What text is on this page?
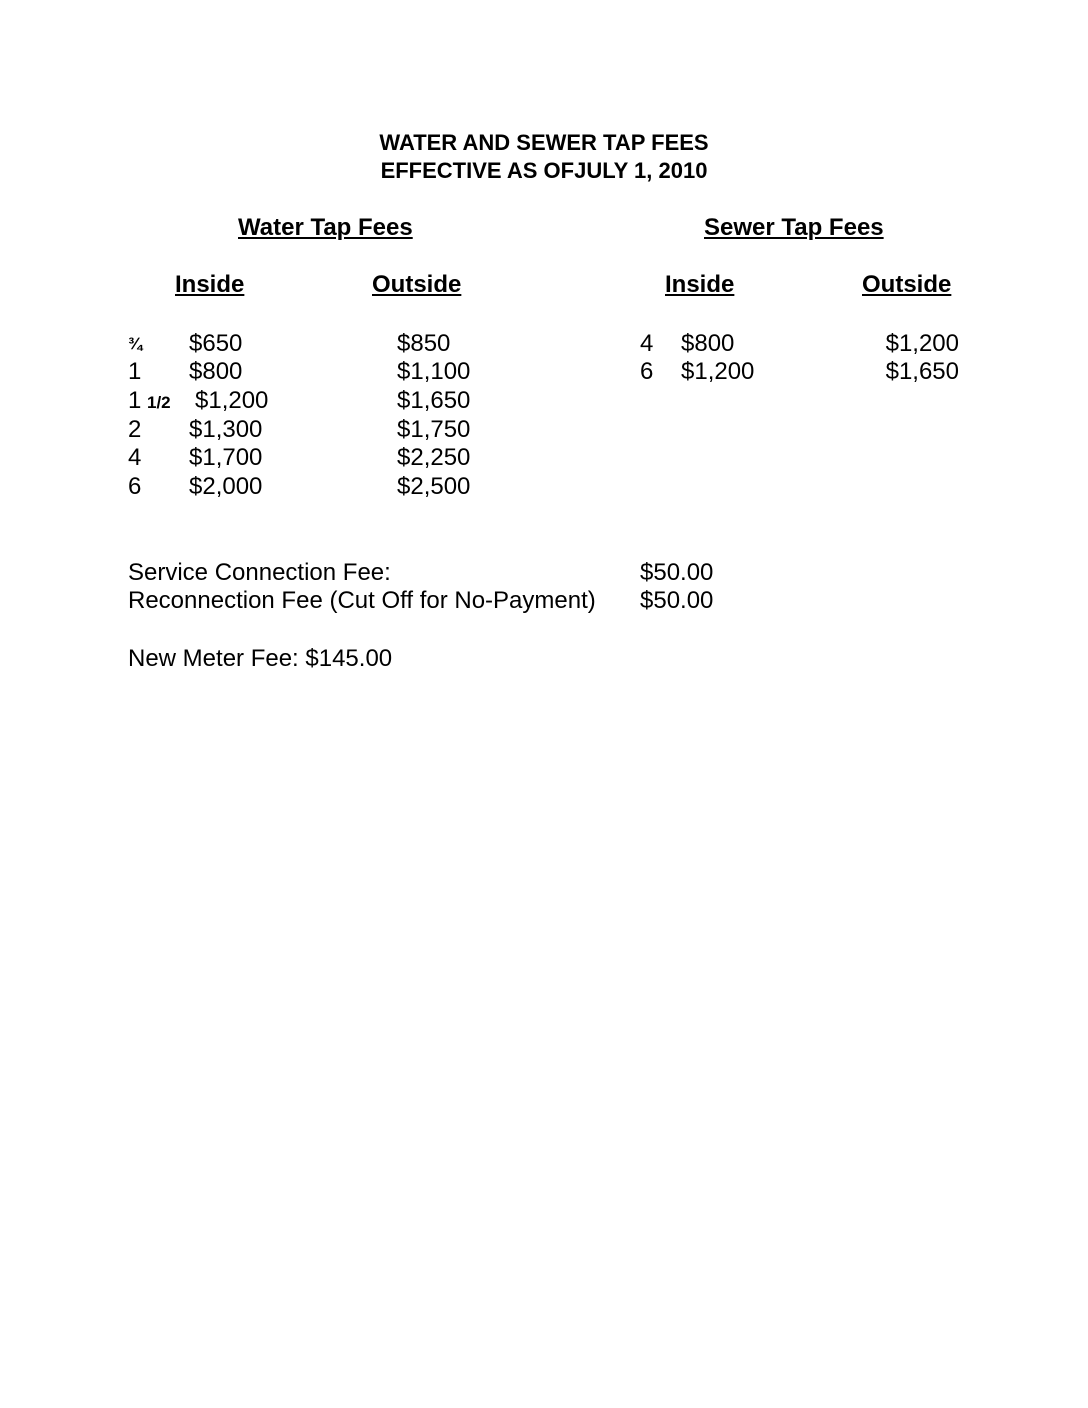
WATER AND SEWER TAP FEES
EFFECTIVE AS OFJULY 1, 2010
Water Tap Fees	Sewer Tap Fees
Inside	Outside	Inside	Outside
¾ $650	$850
1 $800	$1,100
1 1/2 $1,200	$1,650
2 $1,300	$1,750
4 $1,700	$2,250
6 $2,000	$2,500
4 $800	$1,200
6 $1,200	$1,650
Service Connection Fee:	$50.00
Reconnection Fee (Cut Off for No-Payment) $50.00
New Meter Fee: $145.00
